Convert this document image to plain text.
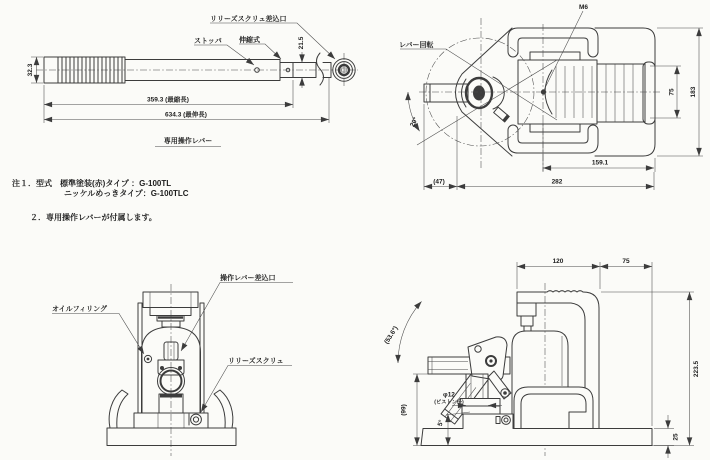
32.3
21.5
359.3 (最縮長)
634.3 (最伸長)
ストッパ 伸縮式
リリーズスクリュ差込口
専用操作レバー
20°
レバー回転
M6
75 183
159.1
282
(47)
注１．型式　標準塗装(赤)タイプ ：G-100TL
ニッケルめっきタイプ：G-100TLC
２．専用操作レバーが付属します。
オイルフィリング
操作レバー差込口
リリーズスクリュ
(53.6°)
120	75
223.5
25
(99)
5°
φ12
(ピストン径)
